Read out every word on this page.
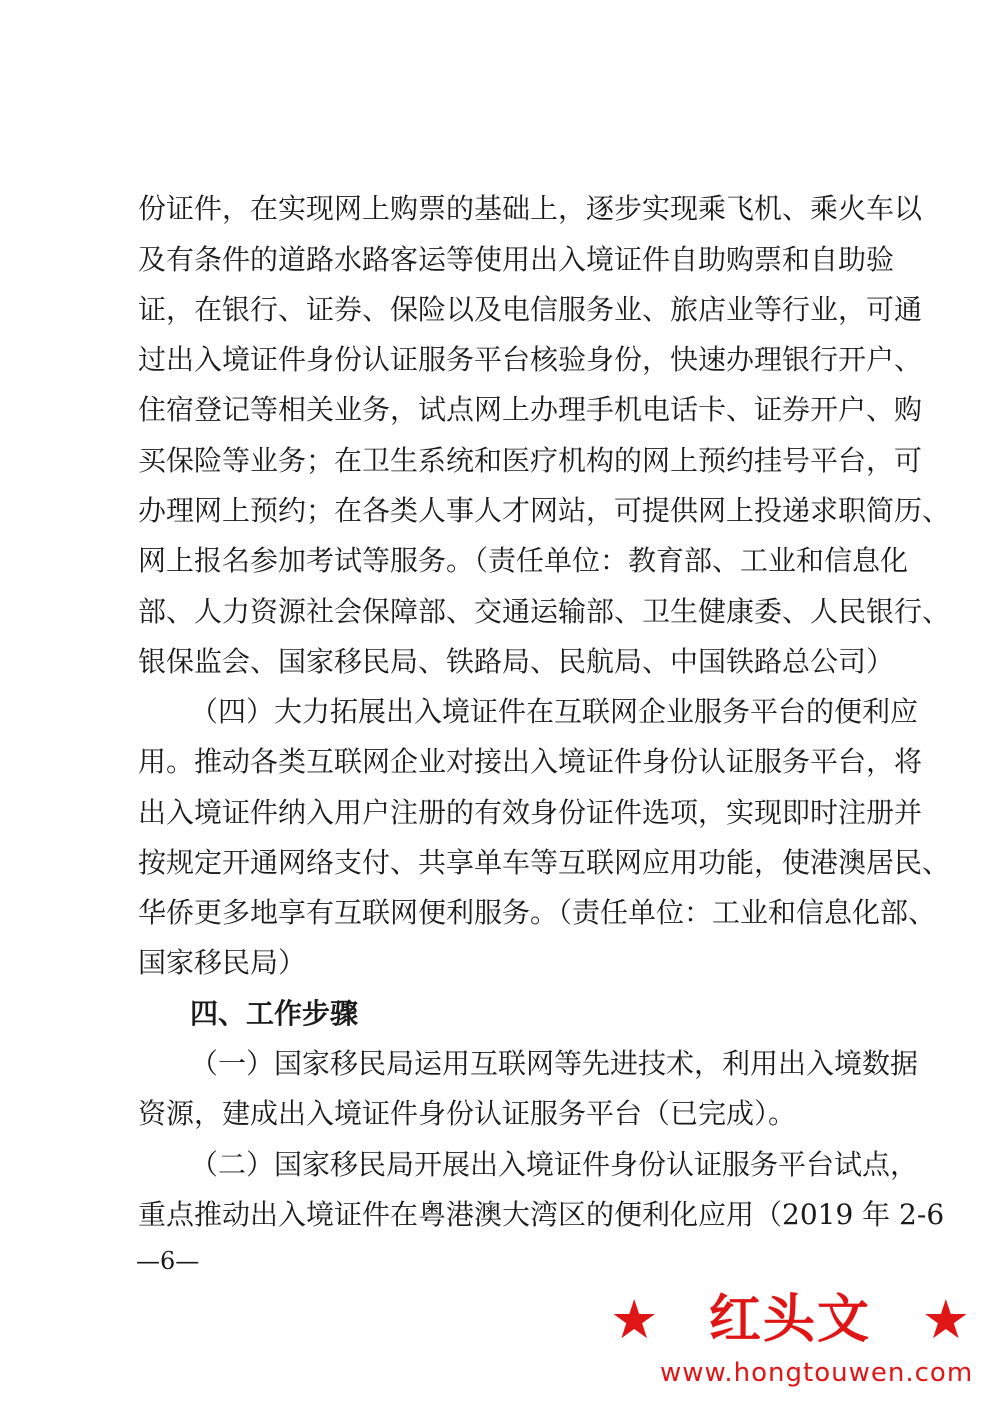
份证件，在实现网上购票的基础上，逐步实现乘飞机、乘火车以
及有条件的道路水路客运等使用出入境证件自助购票和自助验
证，在银行、证券、保险以及电信服务业、旅店业等行业，可通
过出入境证件身份认证服务平台核验身份，快速办理银行开户、
住宿登记等相关业务，试点网上办理手机电话卡、证券开户、购
买保险等业务；在卫生系统和医疗机构的网上预约挂号平台，可
办理网上预约；在各类人事人才网站，可提供网上投递求职简历、
网上报名参加考试等服务。（责任单位：教育部、工业和信息化
部、人力资源社会保障部、交通运输部、卫生健康委、人民银行、
银保监会、国家移民局、铁路局、民航局、中国铁路总公司）
（四）大力拓展出入境证件在互联网企业服务平台的便利应
用。推动各类互联网企业对接出入境证件身份认证服务平台，将
出入境证件纳入用户注册的有效身份证件选项，实现即时注册并
按规定开通网络支付、共享单车等互联网应用功能，使港澳居民、
华侨更多地享有互联网便利服务。（责任单位：工业和信息化部、
国家移民局）
四、工作步骤
（一）国家移民局运用互联网等先进技术，利用出入境数据
资源，建成出入境证件身份认证服务平台（已完成）。
（二）国家移民局开展出入境证件身份认证服务平台试点，
重点推动出入境证件在粤港澳大湾区的便利化应用（2019 年 2-6
—6—
★ 红头文 ★
www.hongtouwen.com
